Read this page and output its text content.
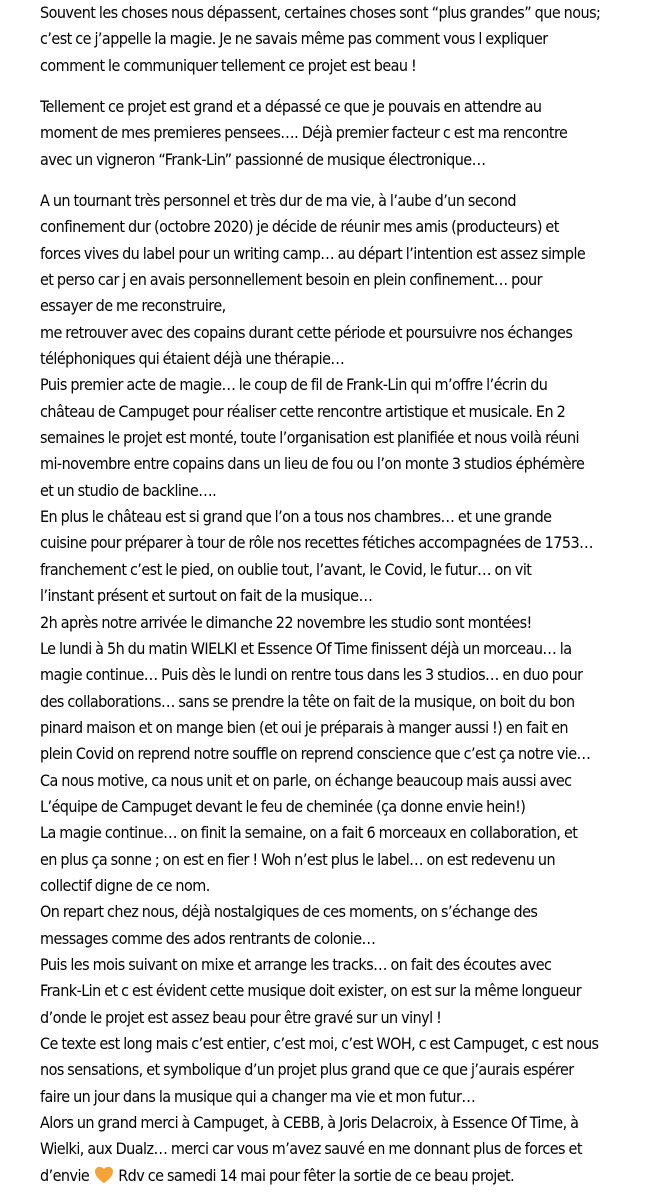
Souvent les choses nous dépassent, certaines choses sont “plus grandes” que nous;
c’est ce j’appelle la magie. Je ne savais même pas comment vous l expliquer
comment le communiquer tellement ce projet est beau !
Tellement ce projet est grand et a dépassé ce que je pouvais en attendre au
moment de mes premieres pensees…. Déjà premier facteur c est ma rencontre
avec un vigneron “Frank-Lin” passionné de musique électronique…
A un tournant très personnel et très dur de ma vie, à l’aube d’un second
confinement dur (octobre 2020) je décide de réunir mes amis (producteurs) et
forces vives du label pour un writing camp… au départ l’intention est assez simple
et perso car j en avais personnellement besoin en plein confinement… pour
essayer de me reconstruire,
me retrouver avec des copains durant cette période et poursuivre nos échanges
téléphoniques qui étaient déjà une thérapie…
Puis premier acte de magie… le coup de fil de Frank-Lin qui m’offre l’écrin du
château de Campuget pour réaliser cette rencontre artistique et musicale. En 2
semaines le projet est monté, toute l’organisation est planifiée et nous voilà réuni
mi-novembre entre copains dans un lieu de fou ou l’on monte 3 studios éphémère
et un studio de backline….
En plus le château est si grand que l’on a tous nos chambres… et une grande
cuisine pour préparer à tour de rôle nos recettes fétiches accompagnées de 1753…
franchement c’est le pied, on oublie tout, l’avant, le Covid, le futur… on vit
l’instant présent et surtout on fait de la musique…
2h après notre arrivée le dimanche 22 novembre les studio sont montées!
Le lundi à 5h du matin WIELKI et Essence Of Time finissent déjà un morceau… la
magie continue… Puis dès le lundi on rentre tous dans les 3 studios… en duo pour
des collaborations… sans se prendre la tête on fait de la musique, on boit du bon
pinard maison et on mange bien (et oui je préparais à manger aussi !) en fait en
plein Covid on reprend notre souffle on reprend conscience que c’est ça notre vie…
Ca nous motive, ca nous unit et on parle, on échange beaucoup mais aussi avec
L’équipe de Campuget devant le feu de cheminée (ça donne envie hein!)
La magie continue… on finit la semaine, on a fait 6 morceaux en collaboration, et
en plus ça sonne ; on est en fier ! Woh n’est plus le label… on est redevenu un
collectif digne de ce nom.
On repart chez nous, déjà nostalgiques de ces moments, on s’échange des
messages comme des ados rentrants de colonie…
Puis les mois suivant on mixe et arrange les tracks… on fait des écoutes avec
Frank-Lin et c est évident cette musique doit exister, on est sur la même longueur
d’onde le projet est assez beau pour être gravé sur un vinyl !
Ce texte est long mais c’est entier, c’est moi, c’est WOH, c est Campuget, c est nous
nos sensations, et symbolique d’un projet plus grand que ce que j’aurais espérer
faire un jour dans la musique qui a changer ma vie et mon futur…
Alors un grand merci à Campuget, à CEBB, à Joris Delacroix, à Essence Of Time, à
Wielki, aux Dualz… merci car vous m’avez sauvé en me donnant plus de forces et
d’envie Rdv ce samedi 14 mai pour fêter la sortie de ce beau projet.
